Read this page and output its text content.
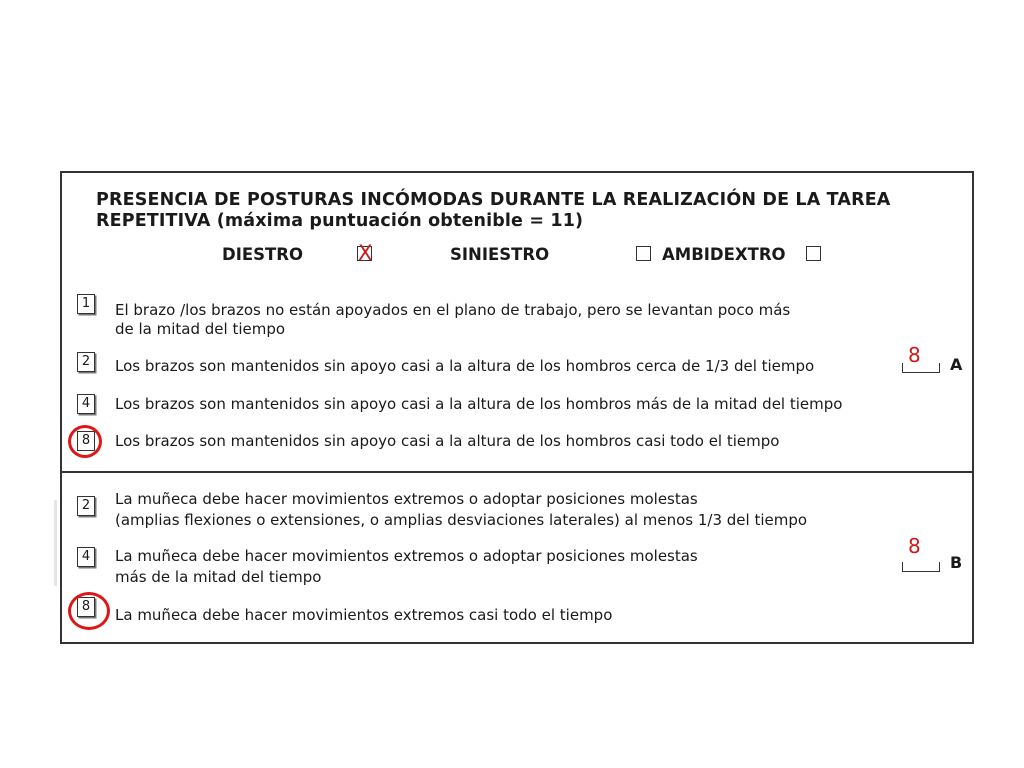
PRESENCIA DE POSTURAS INCÓMODAS DURANTE LA REALIZACIÓN DE LA TAREA
REPETITIVA (máxima puntuación obtenible = 11)
DIESTRO	X	SINIESTRO	AMBIDEXTRO
1	El brazo /los brazos no están apoyados en el plano de trabajo, pero se levantan poco más
de la mitad del tiempo
2	Los brazos son mantenidos sin apoyo casi a la altura de los hombros cerca de 1/3 del tiempo
4	Los brazos son mantenidos sin apoyo casi a la altura de los hombros más de la mitad del tiempo
8	Los brazos son mantenidos sin apoyo casi a la altura de los hombros casi todo el tiempo
8 A
2	La muñeca debe hacer movimientos extremos o adoptar posiciones molestas
(amplias flexiones o extensiones, o amplias desviaciones laterales) al menos 1/3 del tiempo
4	La muñeca debe hacer movimientos extremos o adoptar posiciones molestas
más de la mitad del tiempo
8	La muñeca debe hacer movimientos extremos casi todo el tiempo
8
B
